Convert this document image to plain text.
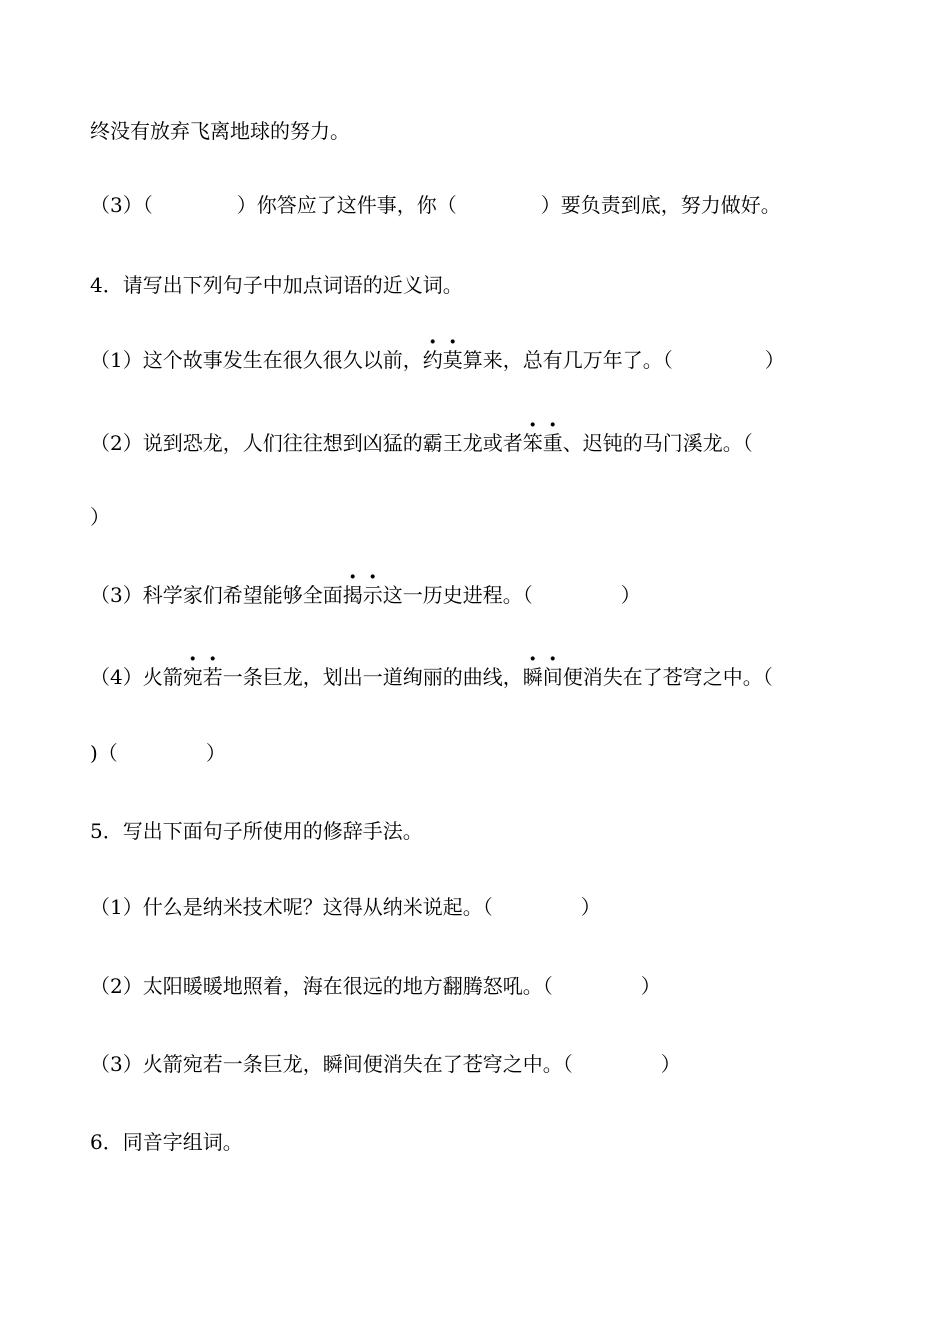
终没有放弃飞离地球的努力。
（3）（	）你答应了这件事，你（	）要负责到底，努力做好。
4．请写出下列句子中加点词语的近义词。
（1）这个故事发生在很久很久以前，约莫算来，总有几万年了。（	）
（2）说到恐龙，人们往往想到凶猛的霸王龙或者笨重、迟钝的马门溪龙。（
）
（3）科学家们希望能够全面揭示这一历史进程。（	）
（4）火箭宛若一条巨龙，划出一道绚丽的曲线，瞬间便消失在了苍穹之中。（
)（	）
5．写出下面句子所使用的修辞手法。
（1）什么是纳米技术呢？这得从纳米说起。（	）
（2）太阳暖暖地照着，海在很远的地方翻腾怒吼。（	）
（3）火箭宛若一条巨龙，瞬间便消失在了苍穹之中。（	）
6．同音字组词。
